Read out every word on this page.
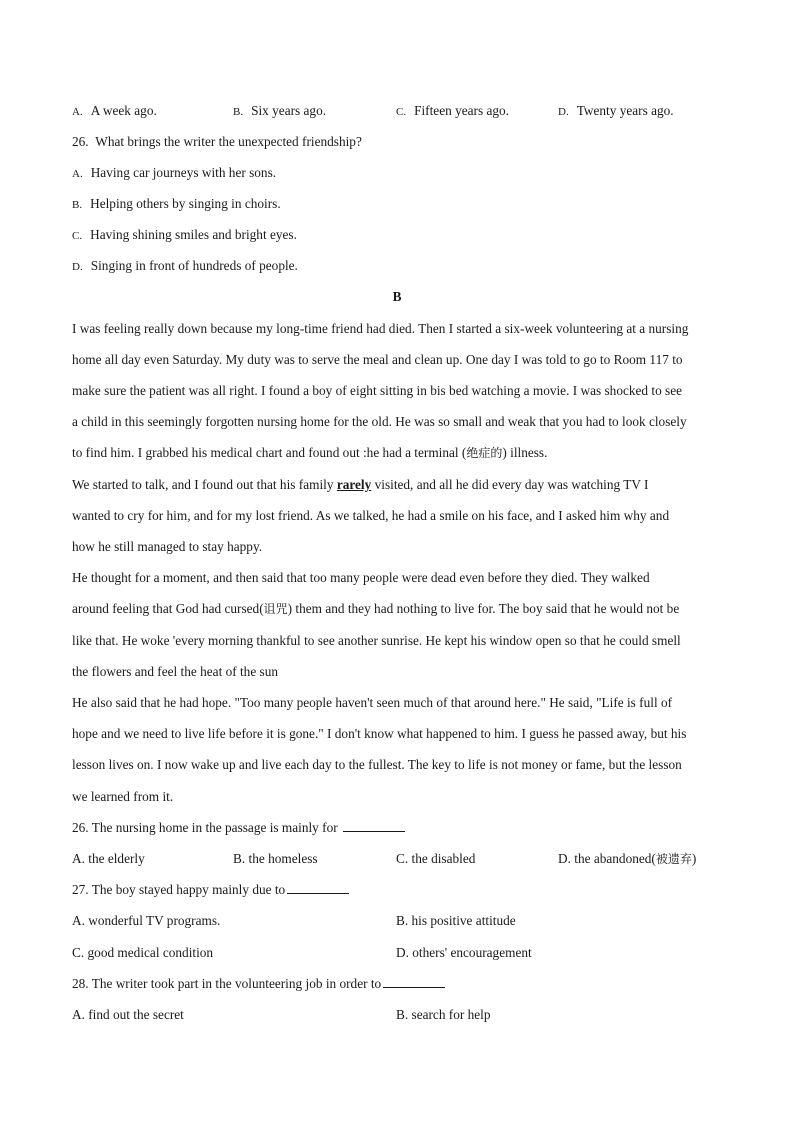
A. A week ago.	B. Six years ago.	C. Fifteen years ago.	D. Twenty years ago.
26.  What brings the writer the unexpected friendship?
A. Having car journeys with her sons.
B. Helping others by singing in choirs.
C. Having shining smiles and bright eyes.
D. Singing in front of hundreds of people.
B
I was feeling really down because my long-time friend had died. Then I started a six-week volunteering at a nursing
home all day even Saturday. My duty was to serve the meal and clean up. One day I was told to go to Room 117 to
make sure the patient was all right. I found a boy of eight sitting in bis bed watching a movie. I was shocked to see
a child in this seemingly forgotten nursing home for the old. He was so small and weak that you had to look closely
to find him. I grabbed his medical chart and found out :he had a terminal (绝症的) illness.
We started to talk, and I found out that his family rarely visited, and all he did every day was watching TV I
wanted to cry for him, and for my lost friend. As we talked, he had a smile on his face, and I asked him why and
how he still managed to stay happy.
He thought for a moment, and then said that too many people were dead even before they died. They walked
around feeling that God had cursed(诅咒) them and they had nothing to live for. The boy said that he would not be
like that. He woke 'every morning thankful to see another sunrise. He kept his window open so that he could smell
the flowers and feel the heat of the sun
He also said that he had hope. "Too many people haven't seen much of that around here." He said, "Life is full of
hope and we need to live life before it is gone." I don't know what happened to him. I guess he passed away, but his
lesson lives on. I now wake up and live each day to the fullest. The key to life is not money or fame, but the lesson
we learned from it.
26. The nursing home in the passage is mainly for
A. the elderly	B. the homeless	C. the disabled	D. the abandoned(被遗弃)
27. The boy stayed happy mainly due to
A. wonderful TV programs.	B. his positive attitude
C. good medical condition	D. others' encouragement
28. The writer took part in the volunteering job in order to
A. find out the secret	B. search for help
